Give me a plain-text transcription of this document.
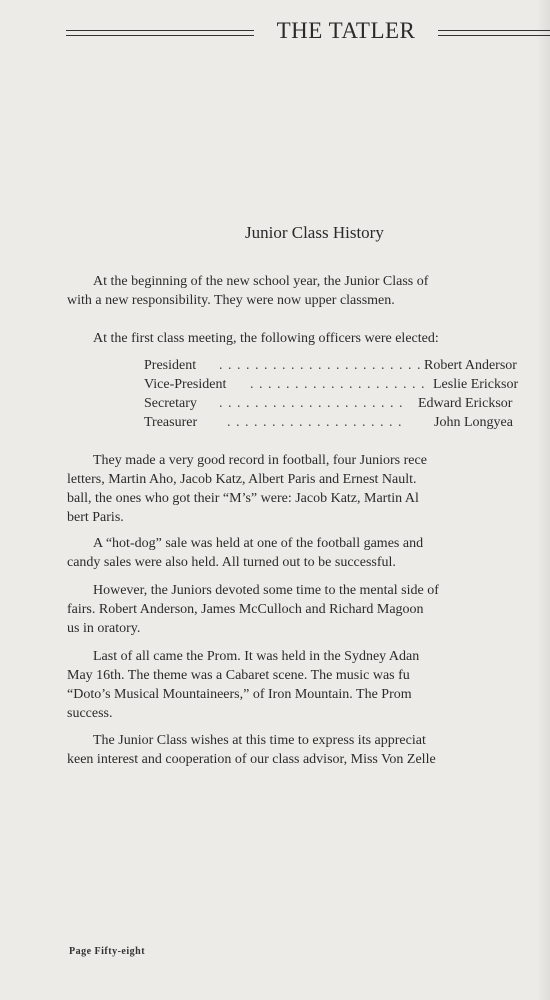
THE TATLER
Junior Class History

At the beginning of the new school year, the Junior Class of

with a new responsibility. They were now upper classmen.

At the first class meeting, the following officers were elected:

President . . . . . . . . . . . . . . . . . . . . . . . Robert Andersor
Vice-President . . . . . . . . . . . . . . . . . . . . Leslie Ericksor
Secretary . . . . . . . . . . . . . . . . . . . . . Edward Ericksor
Treasurer . . . . . . . . . . . . . . . . . . . . John Longyea

They made a very good record in football, four Juniors rece

letters, Martin Aho, Jacob Katz, Albert Paris and Ernest Nault.

ball, the ones who got their “M’s” were: Jacob Katz, Martin Al

bert Paris.

A “hot-dog” sale was held at one of the football games and

candy sales were also held. All turned out to be successful.

However, the Juniors devoted some time to the mental side of

fairs. Robert Anderson, James McCulloch and Richard Magoon

us in oratory.

Last of all came the Prom. It was held in the Sydney Adan

May 16th. The theme was a Cabaret scene. The music was fu

“Doto’s Musical Mountaineers,” of Iron Mountain. The Prom

success.

The Junior Class wishes at this time to express its appreciat

keen interest and cooperation of our class advisor, Miss Von Zelle

Page Fifty-eight
